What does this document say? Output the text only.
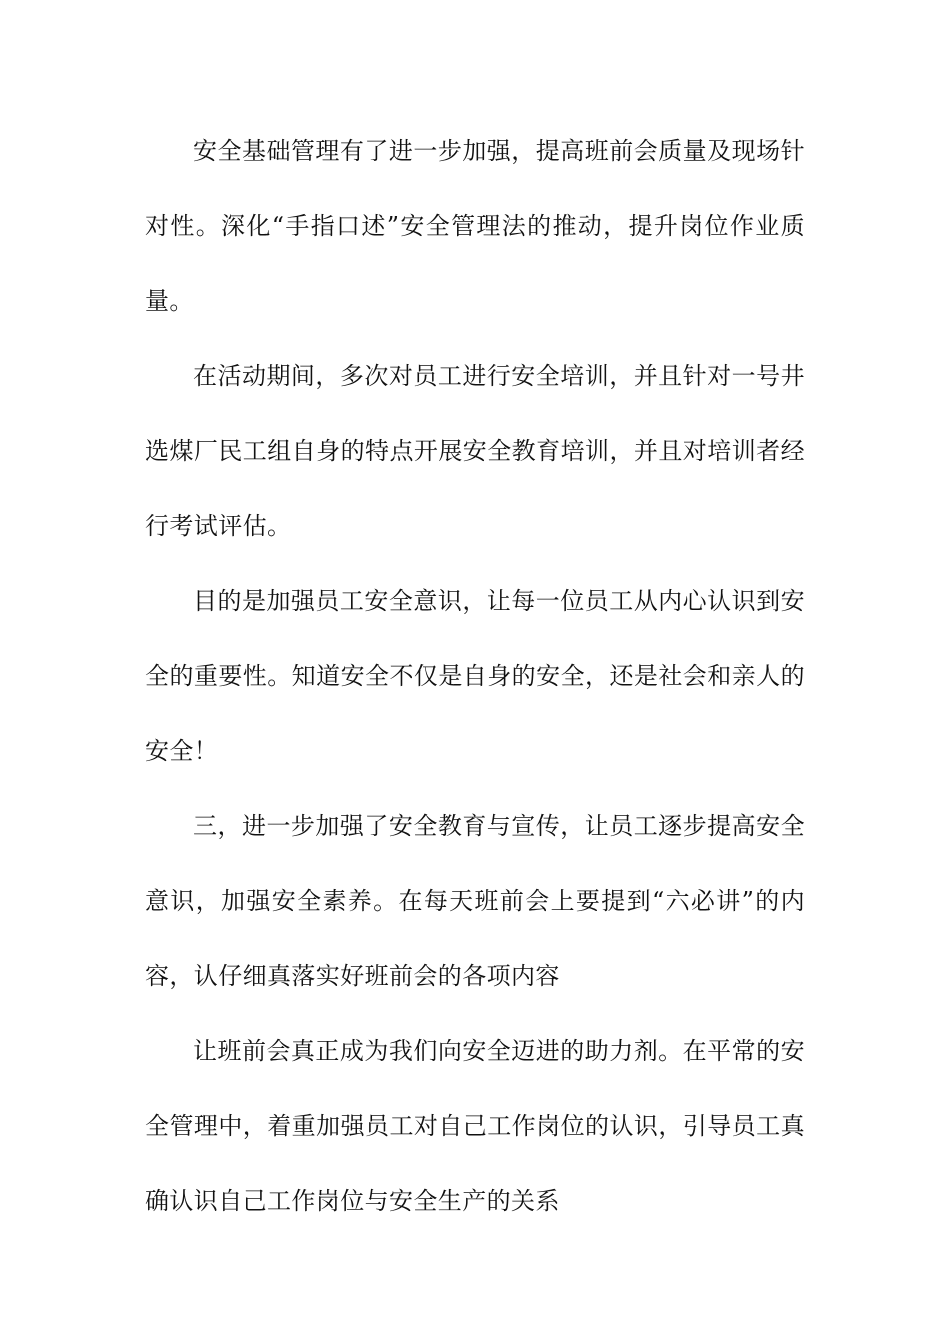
安全基础管理有了进一步加强，提高班前会质量及现场针对性。深化“手指口述”安全管理法的推动，提升岗位作业质量。

在活动期间，多次对员工进行安全培训，并且针对一号井选煤厂民工组自身的特点开展安全教育培训，并且对培训者经行考试评估。

目的是加强员工安全意识，让每一位员工从内心认识到安全的重要性。知道安全不仅是自身的安全，还是社会和亲人的安全！

三，进一步加强了安全教育与宣传，让员工逐步提高安全意识，加强安全素养。在每天班前会上要提到“六必讲”的内容，认仔细真落实好班前会的各项内容

让班前会真正成为我们向安全迈进的助力剂。在平常的安全管理中，着重加强员工对自己工作岗位的认识，引导员工真确认识自己工作岗位与安全生产的关系
